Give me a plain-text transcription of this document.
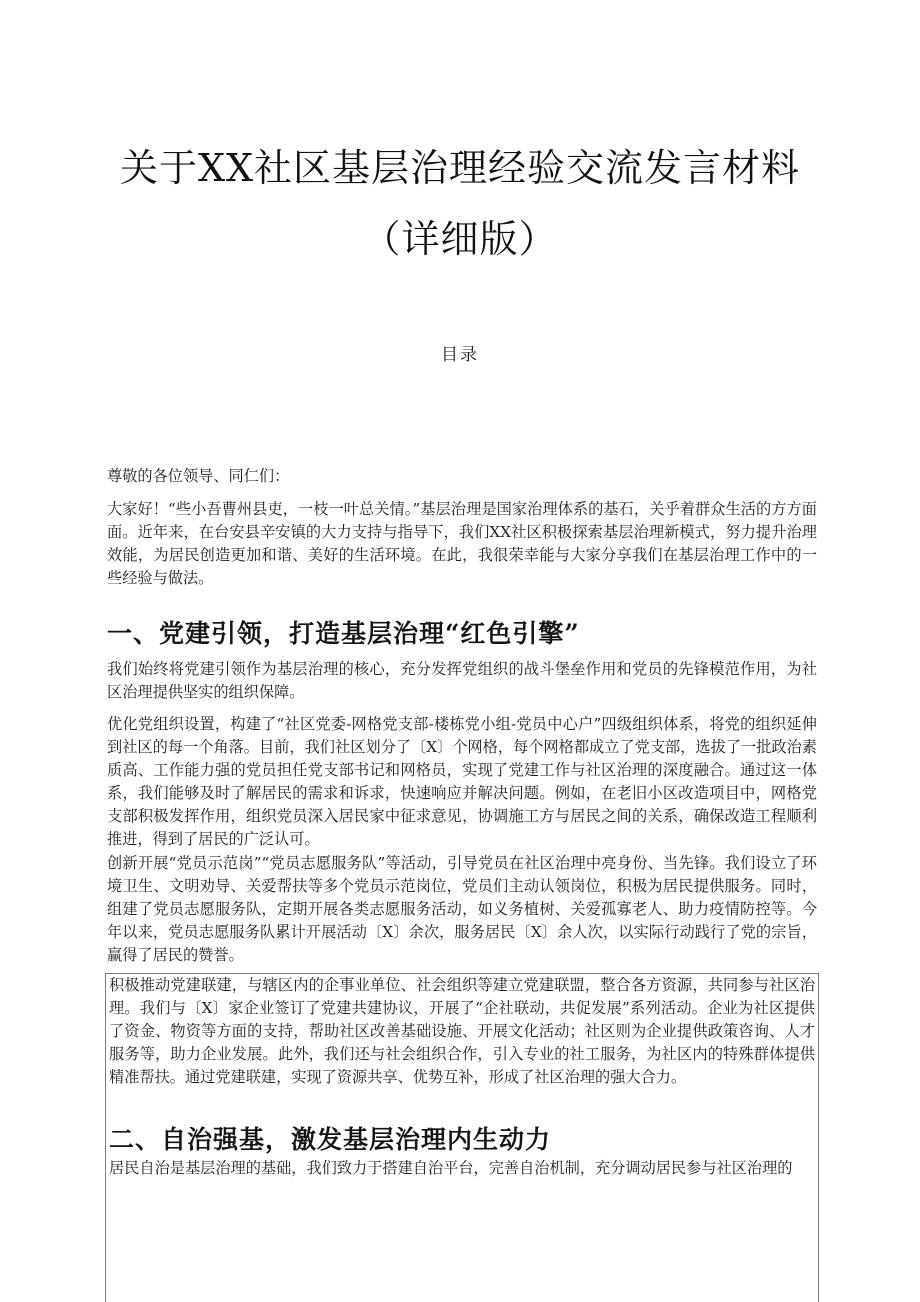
关于XX社区基层治理经验交流发言材料
（详细版）
目录

尊敬的各位领导、同仁们：

大家好！“些小吾曹州县吏，一枝一叶总关情。”基层治理是国家治理体系的基石，关乎着群众生活的方方面面。近年来，在台安县辛安镇的大力支持与指导下，我们XX社区积极探索基层治理新模式，努力提升治理效能，为居民创造更加和谐、美好的生活环境。在此，我很荣幸能与大家分享我们在基层治理工作中的一些经验与做法。

一、党建引领，打造基层治理“红色引擎”

我们始终将党建引领作为基层治理的核心，充分发挥党组织的战斗堡垒作用和党员的先锋模范作用，为社区治理提供坚实的组织保障。

优化党组织设置，构建了“社区党委-网格党支部-楼栋党小组-党员中心户”四级组织体系，将党的组织延伸到社区的每一个角落。目前，我们社区划分了〔X〕个网格，每个网格都成立了党支部，选拔了一批政治素质高、工作能力强的党员担任党支部书记和网格员，实现了党建工作与社区治理的深度融合。通过这一体系，我们能够及时了解居民的需求和诉求，快速响应并解决问题。例如，在老旧小区改造项目中，网格党支部积极发挥作用，组织党员深入居民家中征求意见，协调施工方与居民之间的关系，确保改造工程顺利推进，得到了居民的广泛认可。

创新开展“党员示范岗”“党员志愿服务队”等活动，引导党员在社区治理中亮身份、当先锋。我们设立了环境卫生、文明劝导、关爱帮扶等多个党员示范岗位，党员们主动认领岗位，积极为居民提供服务。同时，组建了党员志愿服务队，定期开展各类志愿服务活动，如义务植树、关爱孤寡老人、助力疫情防控等。今年以来，党员志愿服务队累计开展活动〔X〕余次，服务居民〔X〕余人次，以实际行动践行了党的宗旨，赢得了居民的赞誉。

积极推动党建联建，与辖区内的企事业单位、社会组织等建立党建联盟，整合各方资源，共同参与社区治理。我们与〔X〕家企业签订了党建共建协议，开展了“企社联动，共促发展”系列活动。企业为社区提供了资金、物资等方面的支持，帮助社区改善基础设施、开展文化活动；社区则为企业提供政策咨询、人才服务等，助力企业发展。此外，我们还与社会组织合作，引入专业的社工服务，为社区内的特殊群体提供精准帮扶。通过党建联建，实现了资源共享、优势互补，形成了社区治理的强大合力。

二、自治强基，激发基层治理内生动力

居民自治是基层治理的基础，我们致力于搭建自治平台，完善自治机制，充分调动居民参与社区治理的
